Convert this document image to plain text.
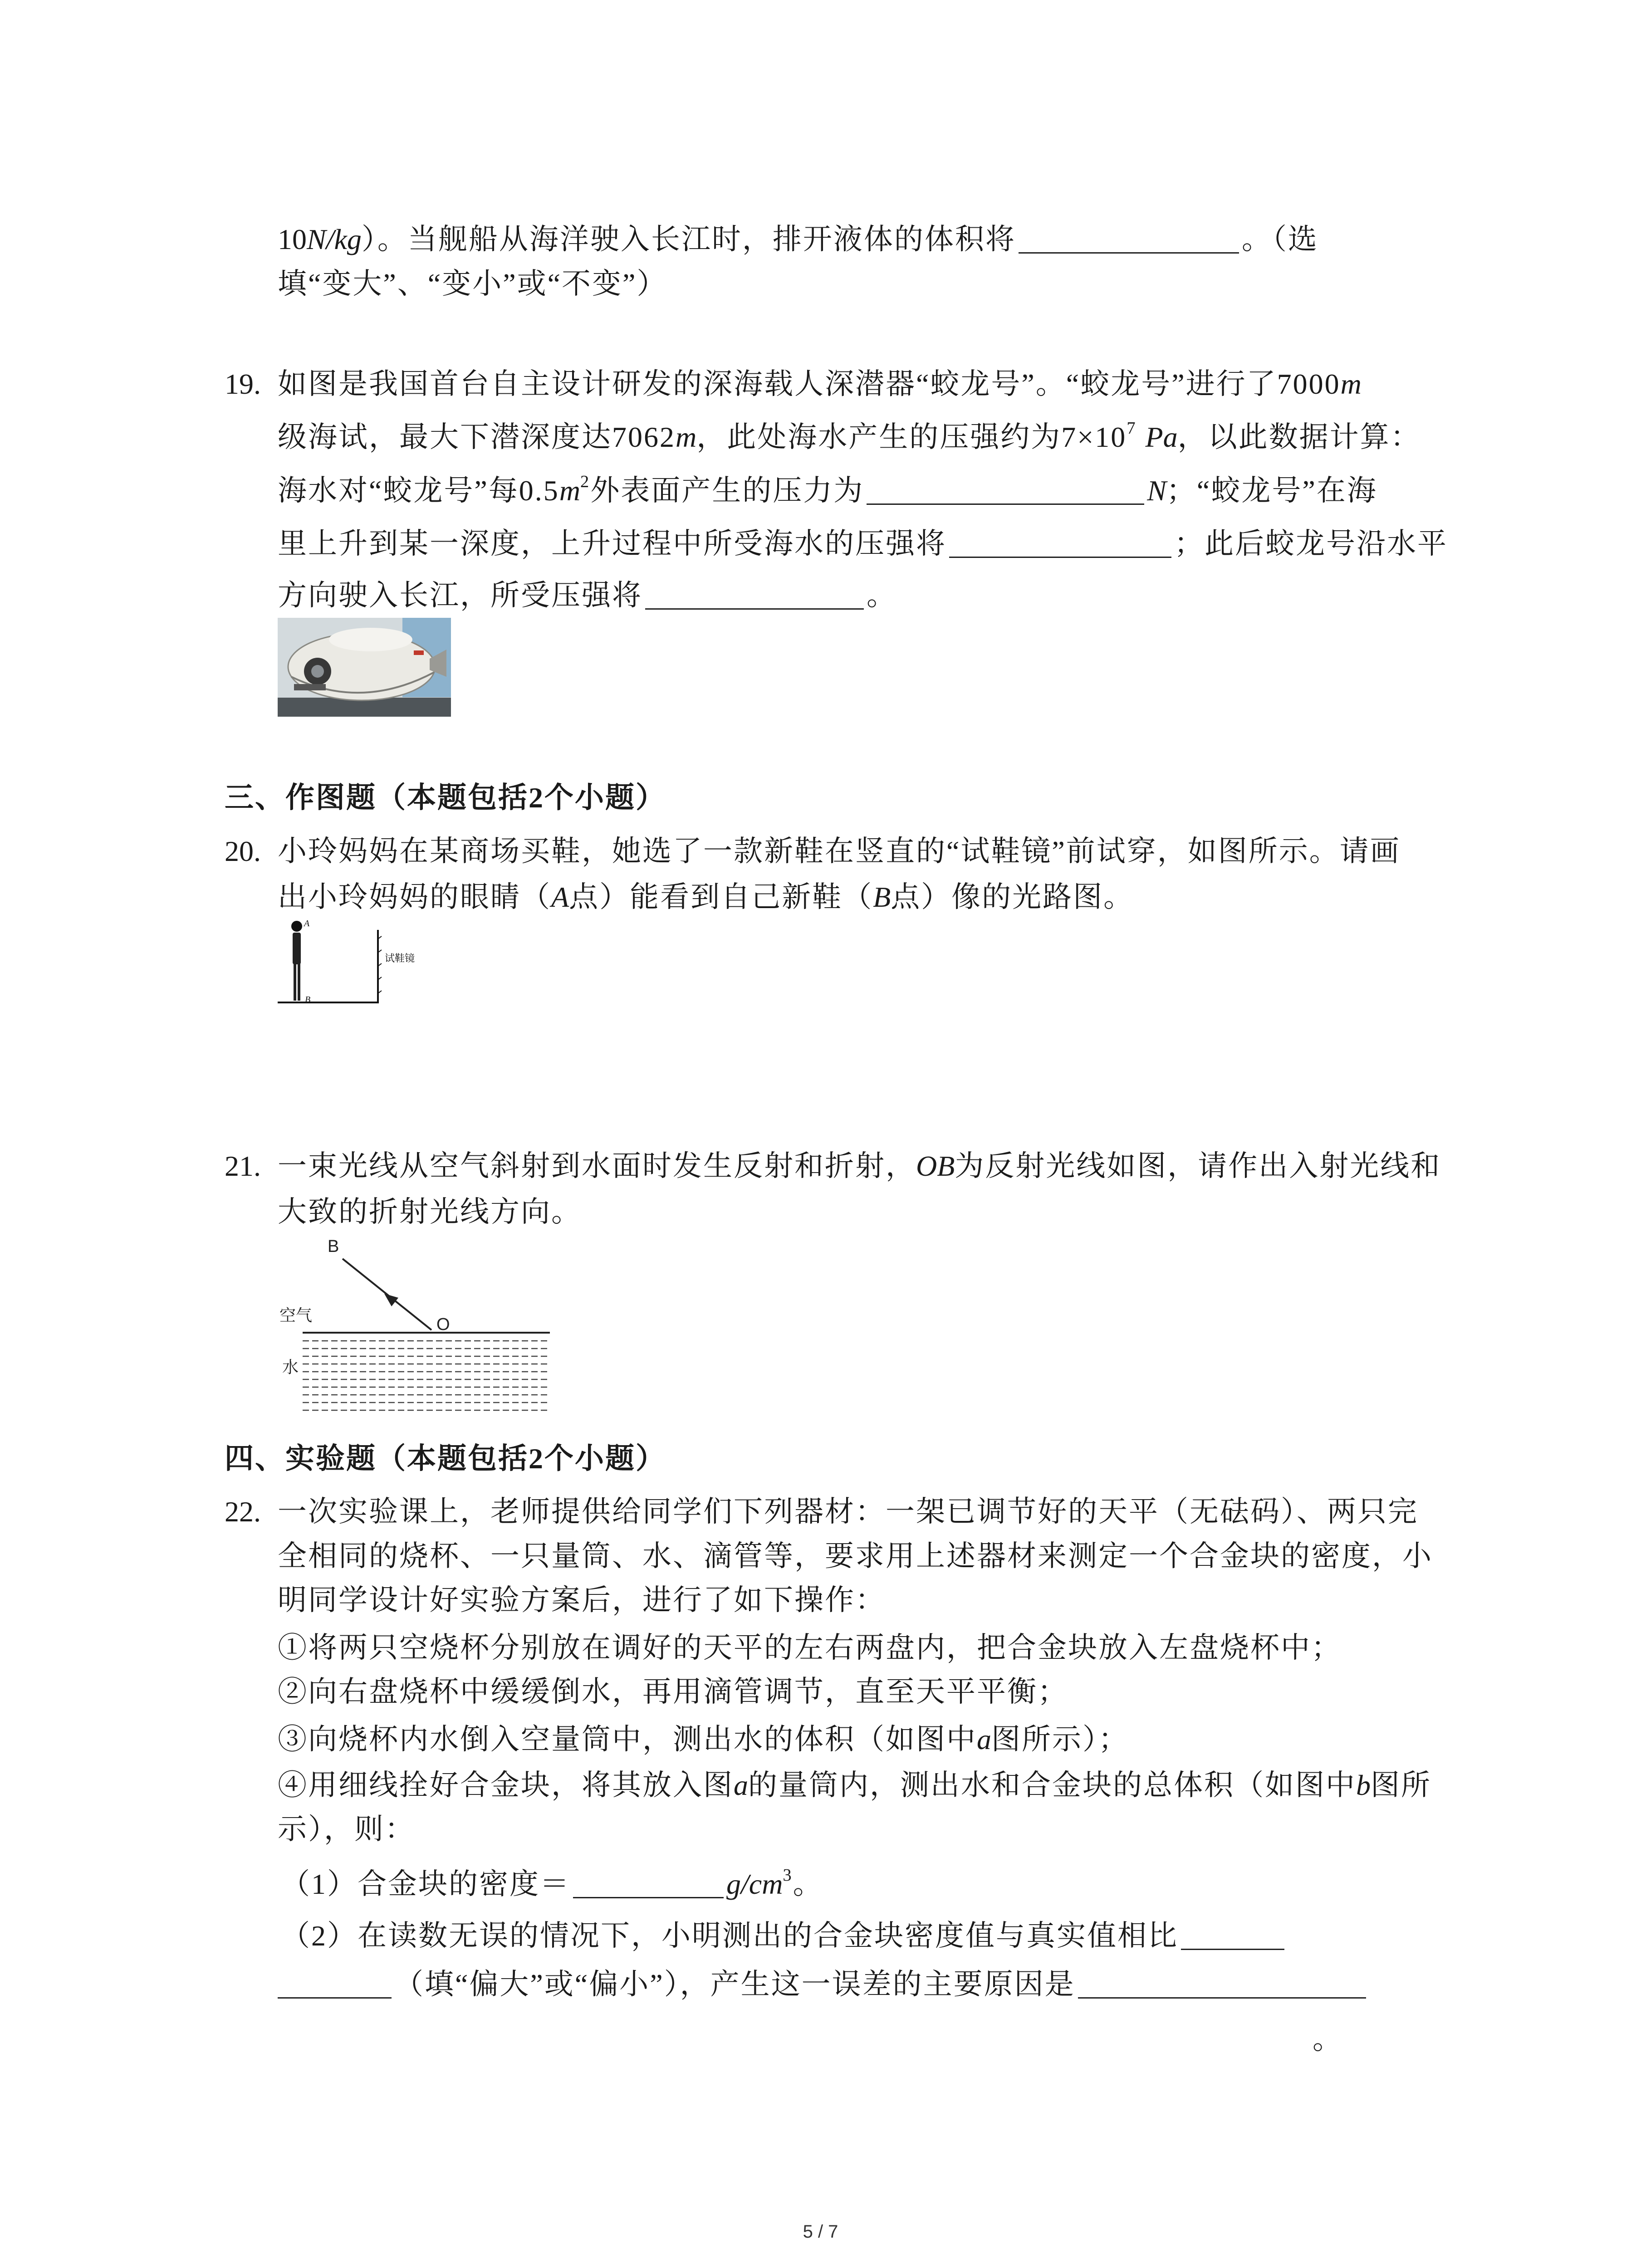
10N/kg）。当舰船从海洋驶入长江时，排开液体的体积将	。（选
填“变大”、“变小”或“不变”）
19. 如图是我国首台自主设计研发的深海载人深潜器“蛟龙号”。“蛟龙号”进行了7000m
级海试，最大下潜深度达7062m，此处海水产生的压强约为$7\times 10^7$ Pa，以此数据计算：
海水对“蛟龙号”每$0.5m^2$外表面产生的压力为	N；“蛟龙号”在海
里上升到某一深度，上升过程中所受海水的压强将	；此后蛟龙号沿水平
方向驶入长江，所受压强将	。
三、作图题（本题包括2个小题）
20. 小玲妈妈在某商场买鞋，她选了一款新鞋在竖直的“试鞋镜”前试穿，如图所示。请画
出小玲妈妈的眼睛（A点）能看到自己新鞋（B点）像的光路图。
A
B
试鞋镜
21. 一束光线从空气斜射到水面时发生反射和折射，OB为反射光线如图，请作出入射光线和
大致的折射光线方向。
B
O
空气
水
四、实验题（本题包括2个小题）
22. 一次实验课上，老师提供给同学们下列器材：一架已调节好的天平（无砝码）、两只完
全相同的烧杯、一只量筒、水、滴管等，要求用上述器材来测定一个合金块的密度，小
明同学设计好实验方案后，进行了如下操作：
①将两只空烧杯分别放在调好的天平的左右两盘内，把合金块放入左盘烧杯中；
②向右盘烧杯中缓缓倒水，再用滴管调节，直至天平平衡；
③向烧杯内水倒入空量筒中，测出水的体积（如图中a图所示）；
④用细线拴好合金块，将其放入图a的量筒内，测出水和合金块的总体积（如图中b图所
示），则：
（1）合金块的密度＝	$g/cm^3$。
（2）在读数无误的情况下，小明测出的合金块密度值与真实值相比
（填“偏大”或“偏小”），产生这一误差的主要原因是
。
5 / 7
